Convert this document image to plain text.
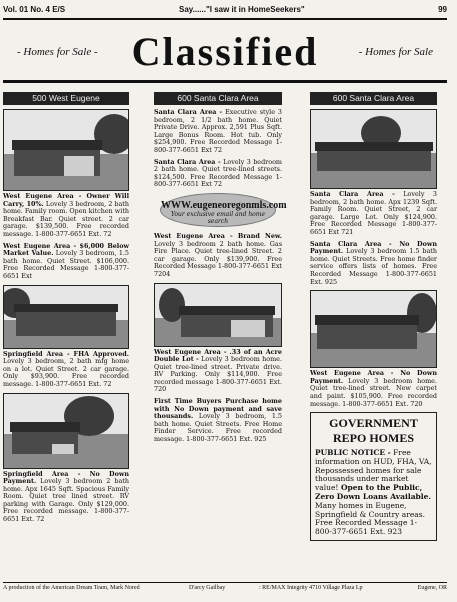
Vol. 01 No. 4 E/S	Say......"I saw it in HomeSeekers"	99
- Homes for Sale - Classified	- Homes for Sale
500 West Eugene

West Eugene Area - Owner Will Carry, 10%. Lovely 3 bedroom, 2 bath home. Family room. Open kitchen with Breakfast Bar. Quiet street. 2 car garage. $139,500. Free recorded message. 1-800-377-6651 Ext. 72

West Eugene Area - $6,000 Below Market Value. Lovely 3 bedroom, 1.5 bath home. Quiet Street. $106,000. Free Recorded Message 1-800-377-6651 Ext

Springfield Area - FHA Approved. Lovely 3 bedroom, 2 bath mfg home on a lot. Quiet Street. 2 car garage. Only $93,900. Free recorded message. 1-800-377-6651 Ext. 72

Springfield Area - No Down Payment. Lovely 3 bedroom 2 bath home. Apx 1645 Sqft. Spacious Family Room. Quiet tree lined street. RV parking with Garage. Only $129,000. Free recorded message. 1-800-377-6651 Ext. 72

600 Santa Clara Area

Santa Clara Area - Executive style 3 bedroom, 2 1/2 bath home. Quiet Private Drive. Approx. 2,591 Plus Sqft. Large Bonus Room. Hot tub. Only $254,900. Free Recorded Message 1-800-377-6651 Ext 72

Santa Clara Area - Lovely 3 bedroom 2 bath home. Quiet tree-lined streets. $124,500. Free Recorded Message 1-800-377-6651 Ext 72

WWW.eugeneoregonmls.com
Your exclusive email and home search

West Eugene Area - Brand New. Lovely 3 bedroom 2 bath home. Gas Fire Place. Quiet tree-lined Street. 2 car garage. Only $139,900. Free Recorded Message 1-800-377-6651 Ext 7204

West Eugene Area - .33 of an Acre Double Lot - Lovely 3 bedroom home. Quiet tree-lined street. Private drive. RV Parking. Only $114,900. Free recorded message 1-800-377-6651 Ext. 720

First Time Buyers Purchase home with No Down payment and save thousands. Lovely 3 bedroom, 1.5 bath home. Quiet Streets. Free Home Finder Service. Free recorded message. 1-800-377-6651 Ext. 925

600 Santa Clara Area

Santa Clara Area - Lovely 3 bedroom, 2 bath home. Apx 1239 Sqft. Family Room. Quiet Street, 2 car garage. Large Lot. Only $124,900. Free Recorded Message 1-800-377-6651 Ext 721

Santa Clara Area - No Down Payment. Lovely 3 bedroom 1.5 bath home. Quiet Streets. Free home finder service offers lists of homes. Free Recorded Message 1-800-377-6651 Ext. 925

West Eugene Area - No Down Payment. Lovely 3 bedroom home. Quiet tree-lined street. New carpet and paint. $105,900. Free recorded message. 1-800-377-6651 Ext. 720

GOVERNMENT
REPO HOMES
PUBLIC NOTICE - Free information on HUD, FHA, VA, Repossessed homes for sale thousands under market value! Open to the Public, Zero Down Loans Available. Many homes in Eugene, Springfield & Country areas. Free Recorded Message 1-800-377-6651 Ext. 923
A production of the American Dream Team, Mark Nored	D'arcy Gailbay	: RE/MAX Integrity 4710 Village Plaza Lp	Eugene, OR
